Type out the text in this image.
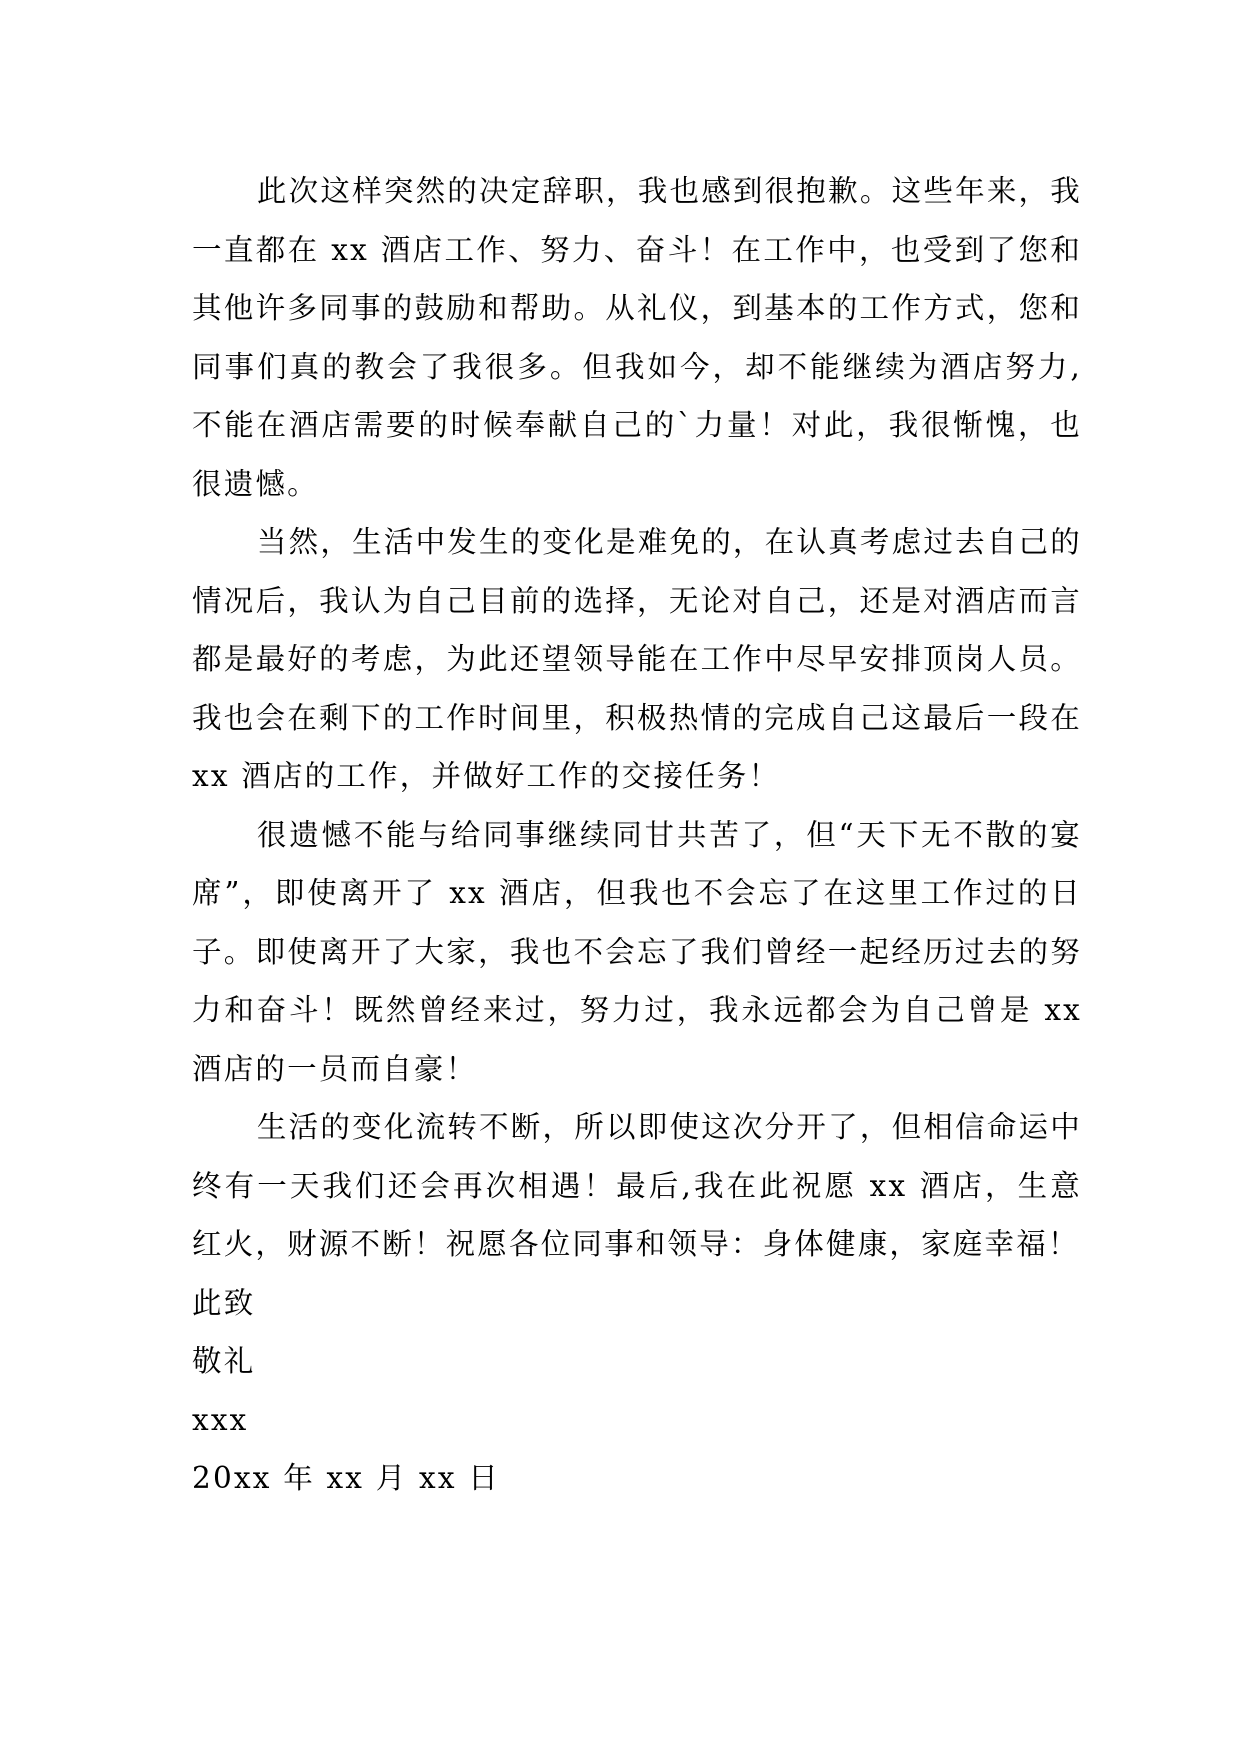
此次这样突然的决定辞职，我也感到很抱歉。这些年来，我一直都在 xx 酒店工作、努力、奋斗！在工作中，也受到了您和其他许多同事的鼓励和帮助。从礼仪，到基本的工作方式，您和同事们真的教会了我很多。但我如今，却不能继续为酒店努力,不能在酒店需要的时候奉献自己的`力量！对此，我很惭愧，也很遗憾。

当然，生活中发生的变化是难免的，在认真考虑过去自己的情况后，我认为自己目前的选择，无论对自己，还是对酒店而言都是最好的考虑，为此还望领导能在工作中尽早安排顶岗人员。我也会在剩下的工作时间里，积极热情的完成自己这最后一段在 xx 酒店的工作，并做好工作的交接任务！

很遗憾不能与给同事继续同甘共苦了，但“天下无不散的宴席”，即使离开了 xx 酒店，但我也不会忘了在这里工作过的日子。即使离开了大家，我也不会忘了我们曾经一起经历过去的努力和奋斗！既然曾经来过，努力过，我永远都会为自己曾是 xx 酒店的一员而自豪！

生活的变化流转不断，所以即使这次分开了，但相信命运中终有一天我们还会再次相遇！最后,我在此祝愿 xx 酒店，生意红火，财源不断！祝愿各位同事和领导：身体健康，家庭幸福！

此致

敬礼

xxx

20xx 年 xx 月 xx 日
